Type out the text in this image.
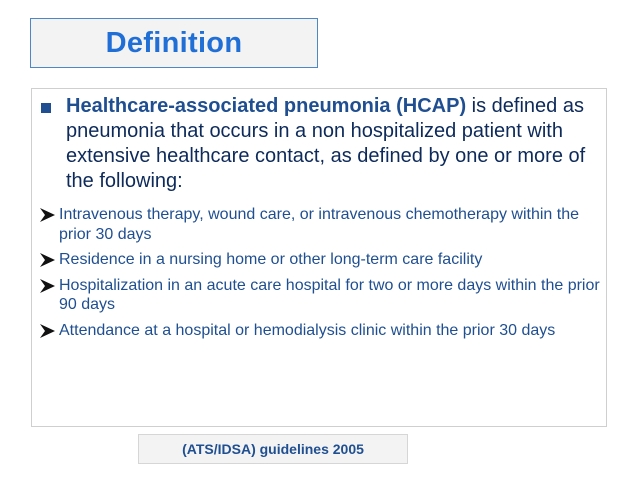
Definition
Healthcare-associated pneumonia (HCAP) is defined as pneumonia that occurs in a non hospitalized patient with extensive healthcare contact, as defined by one or more of the following:
Intravenous therapy, wound care, or intravenous chemotherapy within the prior 30 days
Residence in a nursing home or other long-term care facility
Hospitalization in an acute care hospital for two or more days within the prior 90 days
Attendance at a hospital or hemodialysis clinic within the prior 30 days
(ATS/IDSA) guidelines 2005
